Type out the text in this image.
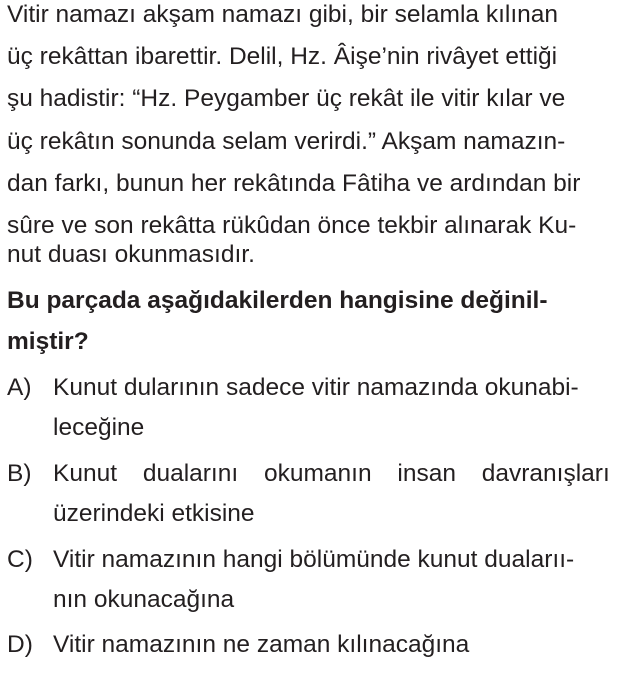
Vitir namazı akşam namazı gibi, bir selamla kılınan
üç rekâttan ibarettir. Delil, Hz. Âişe’nin rivâyet ettiği
şu hadistir: “Hz. Peygamber üç rekât ile vitir kılar ve
üç rekâtın sonunda selam verirdi.” Akşam namazın-
dan farkı, bunun her rekâtında Fâtiha ve ardından bir
sûre ve son rekâtta rükûdan önce tekbir alınarak Ku-
nut duası okunmasıdır.
Bu parçada aşağıdakilerden hangisine değinil-
miştir?
A) Kunut dularının sadece vitir namazında okunabi-
leceğine
B) Kunut dualarını okumanın insan davranışları
üzerindeki etkisine
C) Vitir namazının hangi bölümünde kunut dualarıı-
nın okunacağına
D) Vitir namazının ne zaman kılınacağına
